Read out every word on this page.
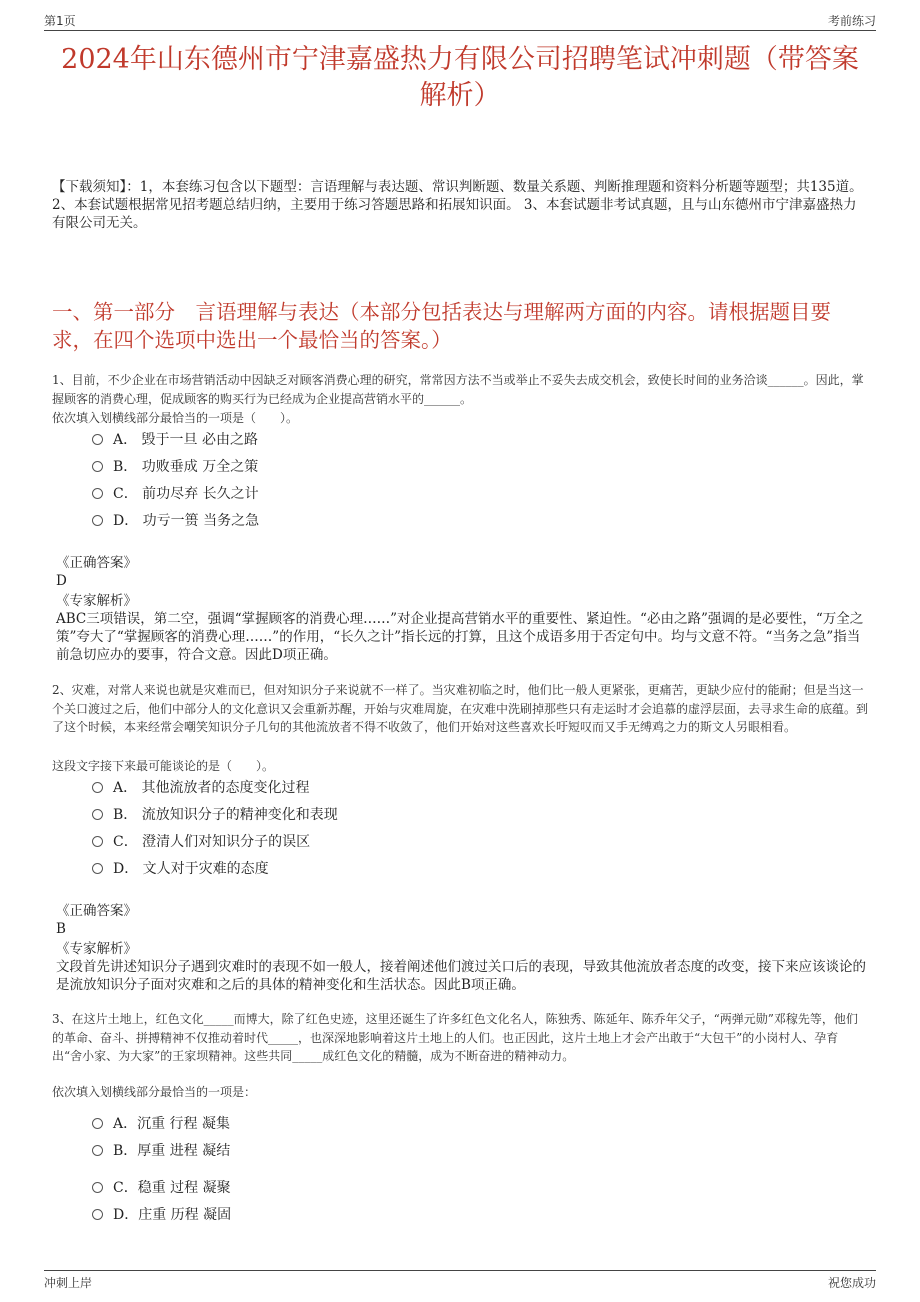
第1页	考前练习
2024年山东德州市宁津嘉盛热力有限公司招聘笔试冲刺题（带答案解析）
【下载须知】：1，本套练习包含以下题型：言语理解与表达题、常识判断题、数量关系题、判断推理题和资料分析题等题型；共135道。 2、本套试题根据常见招考题总结归纳，主要用于练习答题思路和拓展知识面。 3、本套试题非考试真题，且与山东德州市宁津嘉盛热力有限公司无关。
一、第一部分　言语理解与表达（本部分包括表达与理解两方面的内容。请根据题目要求，在四个选项中选出一个最恰当的答案。）
1、目前，不少企业在市场营销活动中因缺乏对顾客消费心理的研究，常常因方法不当或举止不妥失去成交机会，致使长时间的业务洽谈______。因此，掌握顾客的消费心理，促成顾客的购买行为已经成为企业提高营销水平的______。
依次填入划横线部分最恰当的一项是（　　）。
A． 毁于一旦 必由之路
B． 功败垂成 万全之策
C． 前功尽弃 长久之计
D． 功亏一篑 当务之急
《正确答案》
D
《专家解析》
ABC三项错误，第二空，强调“掌握顾客的消费心理……”对企业提高营销水平的重要性、紧迫性。“必由之路”强调的是必要性，“万全之策”夸大了“掌握顾客的消费心理……”的作用，“长久之计”指长远的打算，且这个成语多用于否定句中。均与文意不符。“当务之急”指当前急切应办的要事，符合文意。因此D项正确。
2、灾难，对常人来说也就是灾难而已，但对知识分子来说就不一样了。当灾难初临之时，他们比一般人更紧张，更痛苦，更缺少应付的能耐；但是当这一个关口渡过之后，他们中部分人的文化意识又会重新苏醒，开始与灾难周旋，在灾难中洗刷掉那些只有走运时才会追慕的虚浮层面，去寻求生命的底蕴。到了这个时候，本来经常会嘲笑知识分子几句的其他流放者不得不收敛了，他们开始对这些喜欢长吁短叹而又手无缚鸡之力的斯文人另眼相看。
这段文字接下来最可能谈论的是（　　）。
A． 其他流放者的态度变化过程
B． 流放知识分子的精神变化和表现
C． 澄清人们对知识分子的误区
D． 文人对于灾难的态度
《正确答案》
B
《专家解析》
文段首先讲述知识分子遇到灾难时的表现不如一般人，接着阐述他们渡过关口后的表现，导致其他流放者态度的改变，接下来应该谈论的是流放知识分子面对灾难和之后的具体的精神变化和生活状态。因此B项正确。
3、在这片土地上，红色文化_____而博大，除了红色史迹，这里还诞生了许多红色文化名人，陈独秀、陈延年、陈乔年父子，“两弹元勋”邓稼先等，他们的革命、奋斗、拼搏精神不仅推动着时代_____，也深深地影响着这片土地上的人们。也正因此，这片土地上才会产出敢于“大包干”的小岗村人、孕育出“舍小家、为大家”的王家坝精神。这些共同_____成红色文化的精髓，成为不断奋进的精神动力。
依次填入划横线部分最恰当的一项是：
A．沉重 行程 凝集
B．厚重 进程 凝结
C．稳重 过程 凝聚
D．庄重 历程 凝固
冲刺上岸	祝您成功
